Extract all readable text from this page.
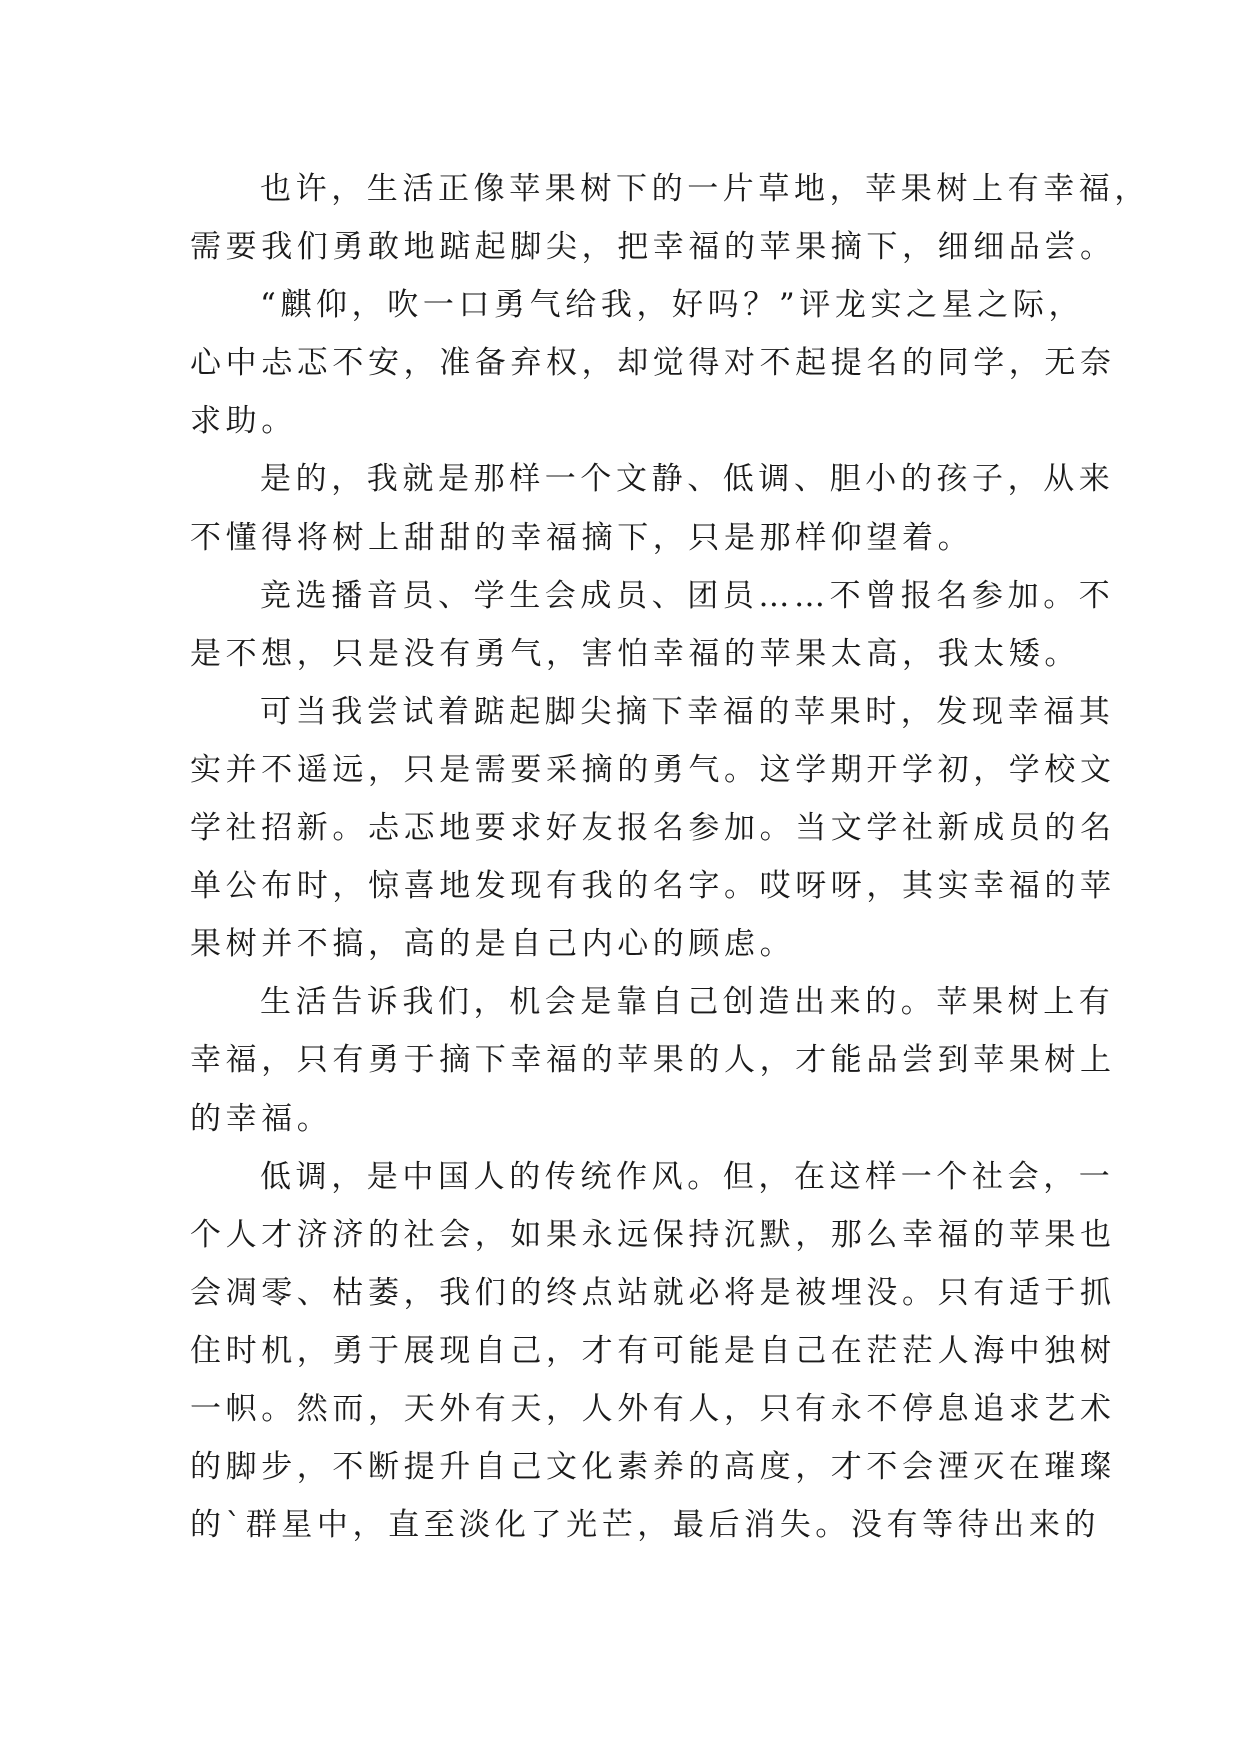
也许，生活正像苹果树下的一片草地，苹果树上有幸福，
需要我们勇敢地踮起脚尖，把幸福的苹果摘下，细细品尝。

“麒仰，吹一口勇气给我，好吗？”评龙实之星之际，
心中忐忑不安，准备弃权，却觉得对不起提名的同学，无奈
求助。

是的，我就是那样一个文静、低调、胆小的孩子，从来
不懂得将树上甜甜的幸福摘下，只是那样仰望着。

竞选播音员、学生会成员、团员……不曾报名参加。不
是不想，只是没有勇气，害怕幸福的苹果太高，我太矮。

可当我尝试着踮起脚尖摘下幸福的苹果时，发现幸福其
实并不遥远，只是需要采摘的勇气。这学期开学初，学校文
学社招新。忐忑地要求好友报名参加。当文学社新成员的名
单公布时，惊喜地发现有我的名字。哎呀呀，其实幸福的苹
果树并不搞，高的是自己内心的顾虑。

生活告诉我们，机会是靠自己创造出来的。苹果树上有
幸福，只有勇于摘下幸福的苹果的人，才能品尝到苹果树上
的幸福。

低调，是中国人的传统作风。但，在这样一个社会，一
个人才济济的社会，如果永远保持沉默，那么幸福的苹果也
会凋零、枯萎，我们的终点站就必将是被埋没。只有适于抓
住时机，勇于展现自己，才有可能是自己在茫茫人海中独树
一帜。然而，天外有天，人外有人，只有永不停息追求艺术
的脚步，不断提升自己文化素养的高度，才不会湮灭在璀璨
的`群星中，直至淡化了光芒，最后消失。没有等待出来的
